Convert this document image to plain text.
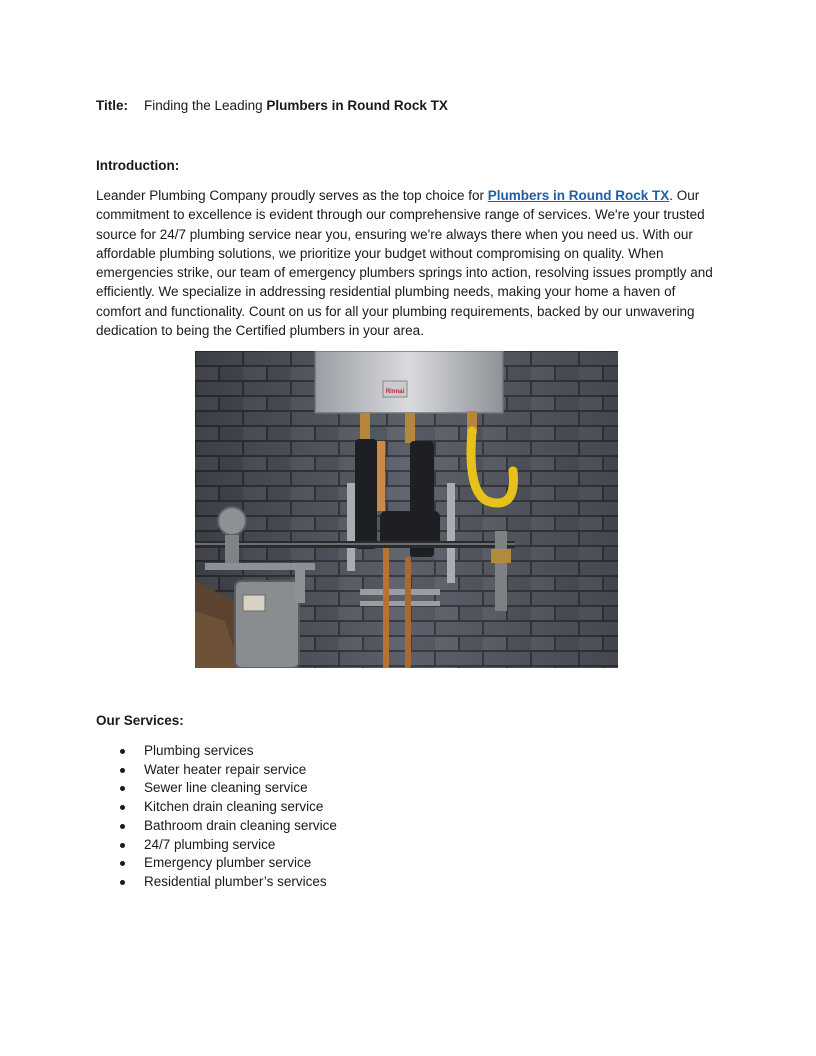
Title: Finding the Leading Plumbers in Round Rock TX
Introduction:

Leander Plumbing Company proudly serves as the top choice for Plumbers in Round Rock TX. Our commitment to excellence is evident through our comprehensive range of services. We're your trusted source for 24/7 plumbing service near you, ensuring we're always there when you need us. With our affordable plumbing solutions, we prioritize your budget without compromising on quality. When emergencies strike, our team of emergency plumbers springs into action, resolving issues promptly and efficiently. We specialize in addressing residential plumbing needs, making your home a haven of comfort and functionality. Count on us for all your plumbing requirements, backed by our unwavering dedication to being the Certified plumbers in your area.

Rinnai
Our Services:
Plumbing services
Water heater repair service
Sewer line cleaning service
Kitchen drain cleaning service
Bathroom drain cleaning service
24/7 plumbing service
Emergency plumber service
Residential plumber’s services
